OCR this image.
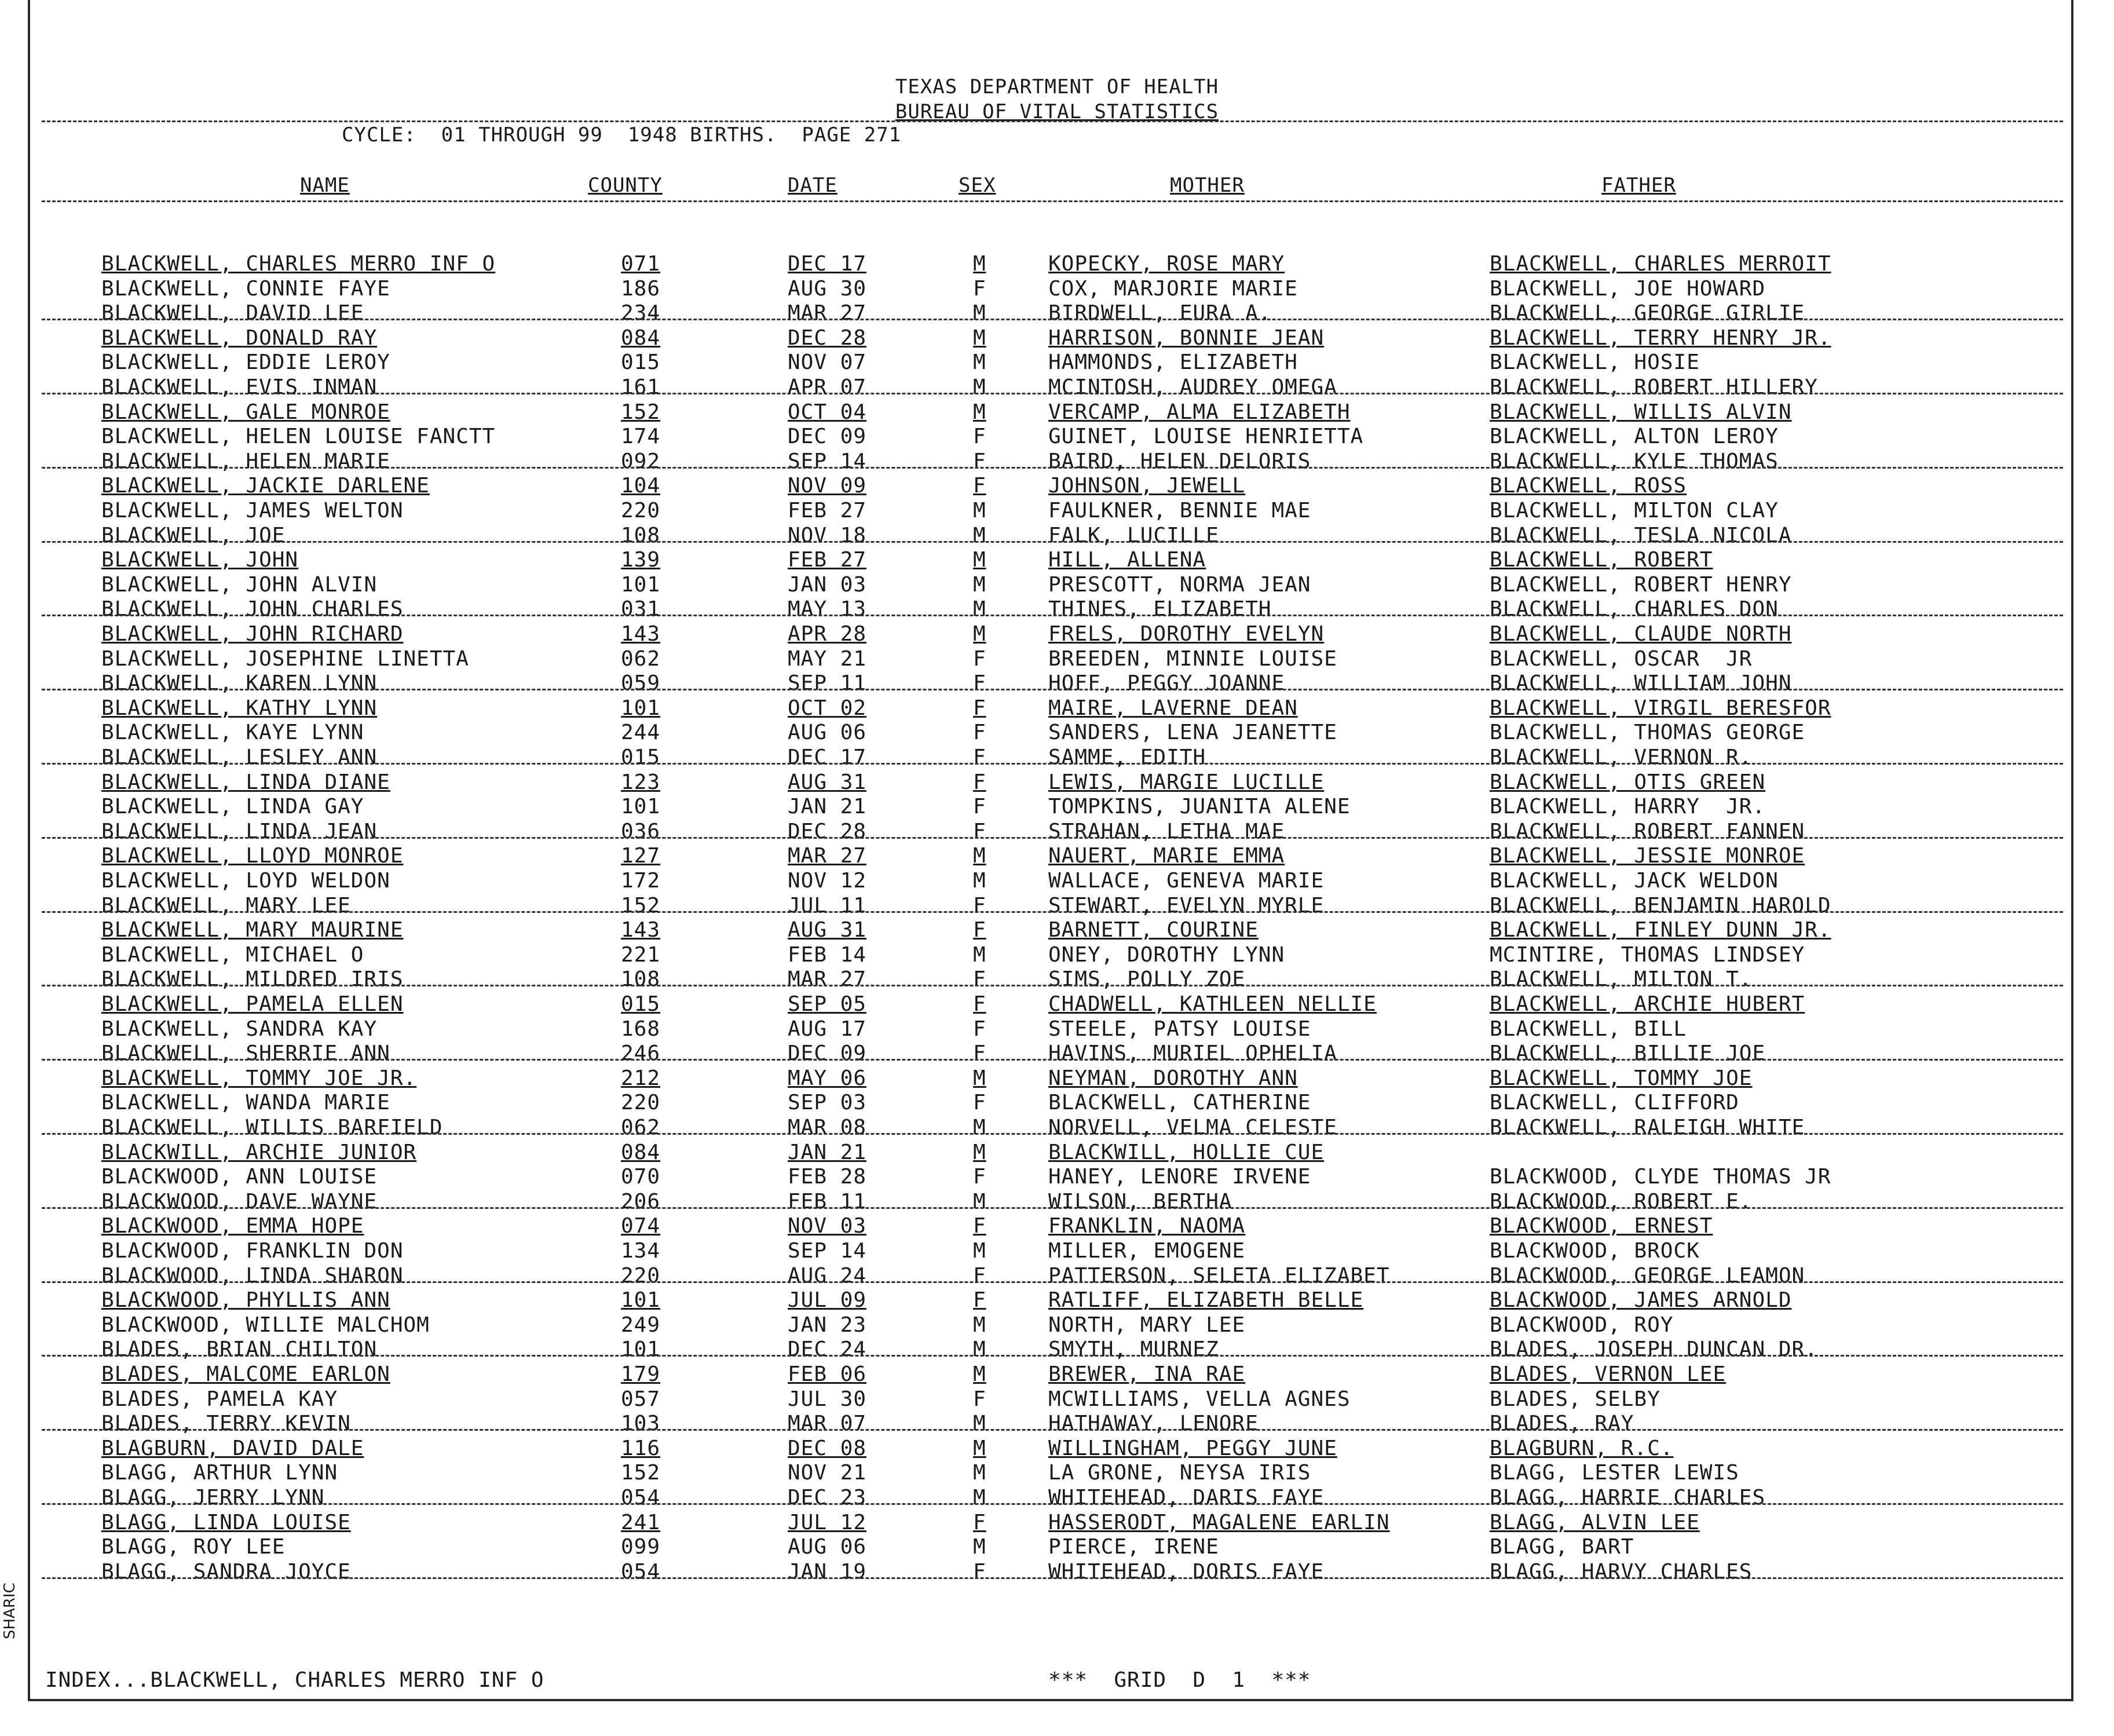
TEXAS DEPARTMENT OF HEALTH
BUREAU OF VITAL STATISTICS
CYCLE:  01 THROUGH 99  1948 BIRTHS.  PAGE 271
NAME	COUNTY	DATE	SEX	MOTHER	FATHER
BLACKWELL, CHARLES MERRO INF O	071	DEC 17	M	KOPECKY, ROSE MARY	BLACKWELL, CHARLES MERROIT
BLACKWELL, CONNIE FAYE	186	AUG 30	F	COX, MARJORIE MARIE	BLACKWELL, JOE HOWARD
BLACKWELL, DAVID LEE	234	MAR 27	M	BIRDWELL, EURA A.	BLACKWELL, GEORGE GIRLIE
BLACKWELL, DONALD RAY	084	DEC 28	M	HARRISON, BONNIE JEAN	BLACKWELL, TERRY HENRY JR.
BLACKWELL, EDDIE LEROY	015	NOV 07	M	HAMMONDS, ELIZABETH	BLACKWELL, HOSIE
BLACKWELL, EVIS INMAN	161	APR 07	M	MCINTOSH, AUDREY OMEGA	BLACKWELL, ROBERT HILLERY
BLACKWELL, GALE MONROE	152	OCT 04	M	VERCAMP, ALMA ELIZABETH	BLACKWELL, WILLIS ALVIN
BLACKWELL, HELEN LOUISE FANCTT	174	DEC 09	F	GUINET, LOUISE HENRIETTA	BLACKWELL, ALTON LEROY
BLACKWELL, HELEN MARIE	092	SEP 14	F	BAIRD, HELEN DELORIS	BLACKWELL, KYLE THOMAS
BLACKWELL, JACKIE DARLENE	104	NOV 09	F	JOHNSON, JEWELL	BLACKWELL, ROSS
BLACKWELL, JAMES WELTON	220	FEB 27	M	FAULKNER, BENNIE MAE	BLACKWELL, MILTON CLAY
BLACKWELL, JOE	108	NOV 18	M	FALK, LUCILLE	BLACKWELL, TESLA NICOLA
BLACKWELL, JOHN	139	FEB 27	M	HILL, ALLENA	BLACKWELL, ROBERT
BLACKWELL, JOHN ALVIN	101	JAN 03	M	PRESCOTT, NORMA JEAN	BLACKWELL, ROBERT HENRY
BLACKWELL, JOHN CHARLES	031	MAY 13	M	THINES, ELIZABETH	BLACKWELL, CHARLES DON
BLACKWELL, JOHN RICHARD	143	APR 28	M	FRELS, DOROTHY EVELYN	BLACKWELL, CLAUDE NORTH
BLACKWELL, JOSEPHINE LINETTA	062	MAY 21	F	BREEDEN, MINNIE LOUISE	BLACKWELL, OSCAR  JR
BLACKWELL, KAREN LYNN	059	SEP 11	F	HOFF, PEGGY JOANNE	BLACKWELL, WILLIAM JOHN
BLACKWELL, KATHY LYNN	101	OCT 02	F	MAIRE, LAVERNE DEAN	BLACKWELL, VIRGIL BERESFOR
BLACKWELL, KAYE LYNN	244	AUG 06	F	SANDERS, LENA JEANETTE	BLACKWELL, THOMAS GEORGE
BLACKWELL, LESLEY ANN	015	DEC 17	F	SAMME, EDITH	BLACKWELL, VERNON R.
BLACKWELL, LINDA DIANE	123	AUG 31	F	LEWIS, MARGIE LUCILLE	BLACKWELL, OTIS GREEN
BLACKWELL, LINDA GAY	101	JAN 21	F	TOMPKINS, JUANITA ALENE	BLACKWELL, HARRY  JR.
BLACKWELL, LINDA JEAN	036	DEC 28	F	STRAHAN, LETHA MAE	BLACKWELL, ROBERT FANNEN
BLACKWELL, LLOYD MONROE	127	MAR 27	M	NAUERT, MARIE EMMA	BLACKWELL, JESSIE MONROE
BLACKWELL, LOYD WELDON	172	NOV 12	M	WALLACE, GENEVA MARIE	BLACKWELL, JACK WELDON
BLACKWELL, MARY LEE	152	JUL 11	F	STEWART, EVELYN MYRLE	BLACKWELL, BENJAMIN HAROLD
BLACKWELL, MARY MAURINE	143	AUG 31	F	BARNETT, COURINE	BLACKWELL, FINLEY DUNN JR.
BLACKWELL, MICHAEL O	221	FEB 14	M	ONEY, DOROTHY LYNN	MCINTIRE, THOMAS LINDSEY
BLACKWELL, MILDRED IRIS	108	MAR 27	F	SIMS, POLLY ZOE	BLACKWELL, MILTON T.
BLACKWELL, PAMELA ELLEN	015	SEP 05	F	CHADWELL, KATHLEEN NELLIE	BLACKWELL, ARCHIE HUBERT
BLACKWELL, SANDRA KAY	168	AUG 17	F	STEELE, PATSY LOUISE	BLACKWELL, BILL
BLACKWELL, SHERRIE ANN	246	DEC 09	F	HAVINS, MURIEL OPHELIA	BLACKWELL, BILLIE JOE
BLACKWELL, TOMMY JOE JR.	212	MAY 06	M	NEYMAN, DOROTHY ANN	BLACKWELL, TOMMY JOE
BLACKWELL, WANDA MARIE	220	SEP 03	F	BLACKWELL, CATHERINE	BLACKWELL, CLIFFORD
BLACKWELL, WILLIS BARFIELD	062	MAR 08	M	NORVELL, VELMA CELESTE	BLACKWELL, RALEIGH WHITE
BLACKWILL, ARCHIE JUNIOR	084	JAN 21	M	BLACKWILL, HOLLIE CUE
BLACKWOOD, ANN LOUISE	070	FEB 28	F	HANEY, LENORE IRVENE	BLACKWOOD, CLYDE THOMAS JR
BLACKWOOD, DAVE WAYNE	206	FEB 11	M	WILSON, BERTHA	BLACKWOOD, ROBERT E.
BLACKWOOD, EMMA HOPE	074	NOV 03	F	FRANKLIN, NAOMA	BLACKWOOD, ERNEST
BLACKWOOD, FRANKLIN DON	134	SEP 14	M	MILLER, EMOGENE	BLACKWOOD, BROCK
BLACKWOOD, LINDA SHARON	220	AUG 24	F	PATTERSON, SELETA ELIZABET	BLACKWOOD, GEORGE LEAMON
BLACKWOOD, PHYLLIS ANN	101	JUL 09	F	RATLIFF, ELIZABETH BELLE	BLACKWOOD, JAMES ARNOLD
BLACKWOOD, WILLIE MALCHOM	249	JAN 23	M	NORTH, MARY LEE	BLACKWOOD, ROY
BLADES, BRIAN CHILTON	101	DEC 24	M	SMYTH, MURNEZ	BLADES, JOSEPH DUNCAN DR.
BLADES, MALCOME EARLON	179	FEB 06	M	BREWER, INA RAE	BLADES, VERNON LEE
BLADES, PAMELA KAY	057	JUL 30	F	MCWILLIAMS, VELLA AGNES	BLADES, SELBY
BLADES, TERRY KEVIN	103	MAR 07	M	HATHAWAY, LENORE	BLADES, RAY
BLAGBURN, DAVID DALE	116	DEC 08	M	WILLINGHAM, PEGGY JUNE	BLAGBURN, R.C.
BLAGG, ARTHUR LYNN	152	NOV 21	M	LA GRONE, NEYSA IRIS	BLAGG, LESTER LEWIS
BLAGG, JERRY LYNN	054	DEC 23	M	WHITEHEAD, DARIS FAYE	BLAGG, HARRIE CHARLES
BLAGG, LINDA LOUISE	241	JUL 12	F	HASSERODT, MAGALENE EARLIN	BLAGG, ALVIN LEE
BLAGG, ROY LEE	099	AUG 06	M	PIERCE, IRENE	BLAGG, BART
BLAGG, SANDRA JOYCE	054	JAN 19	F	WHITEHEAD, DORIS FAYE	BLAGG, HARVY CHARLES
INDEX...BLACKWELL, CHARLES MERRO INF O	***  GRID  D  1  ***
SHARIC
